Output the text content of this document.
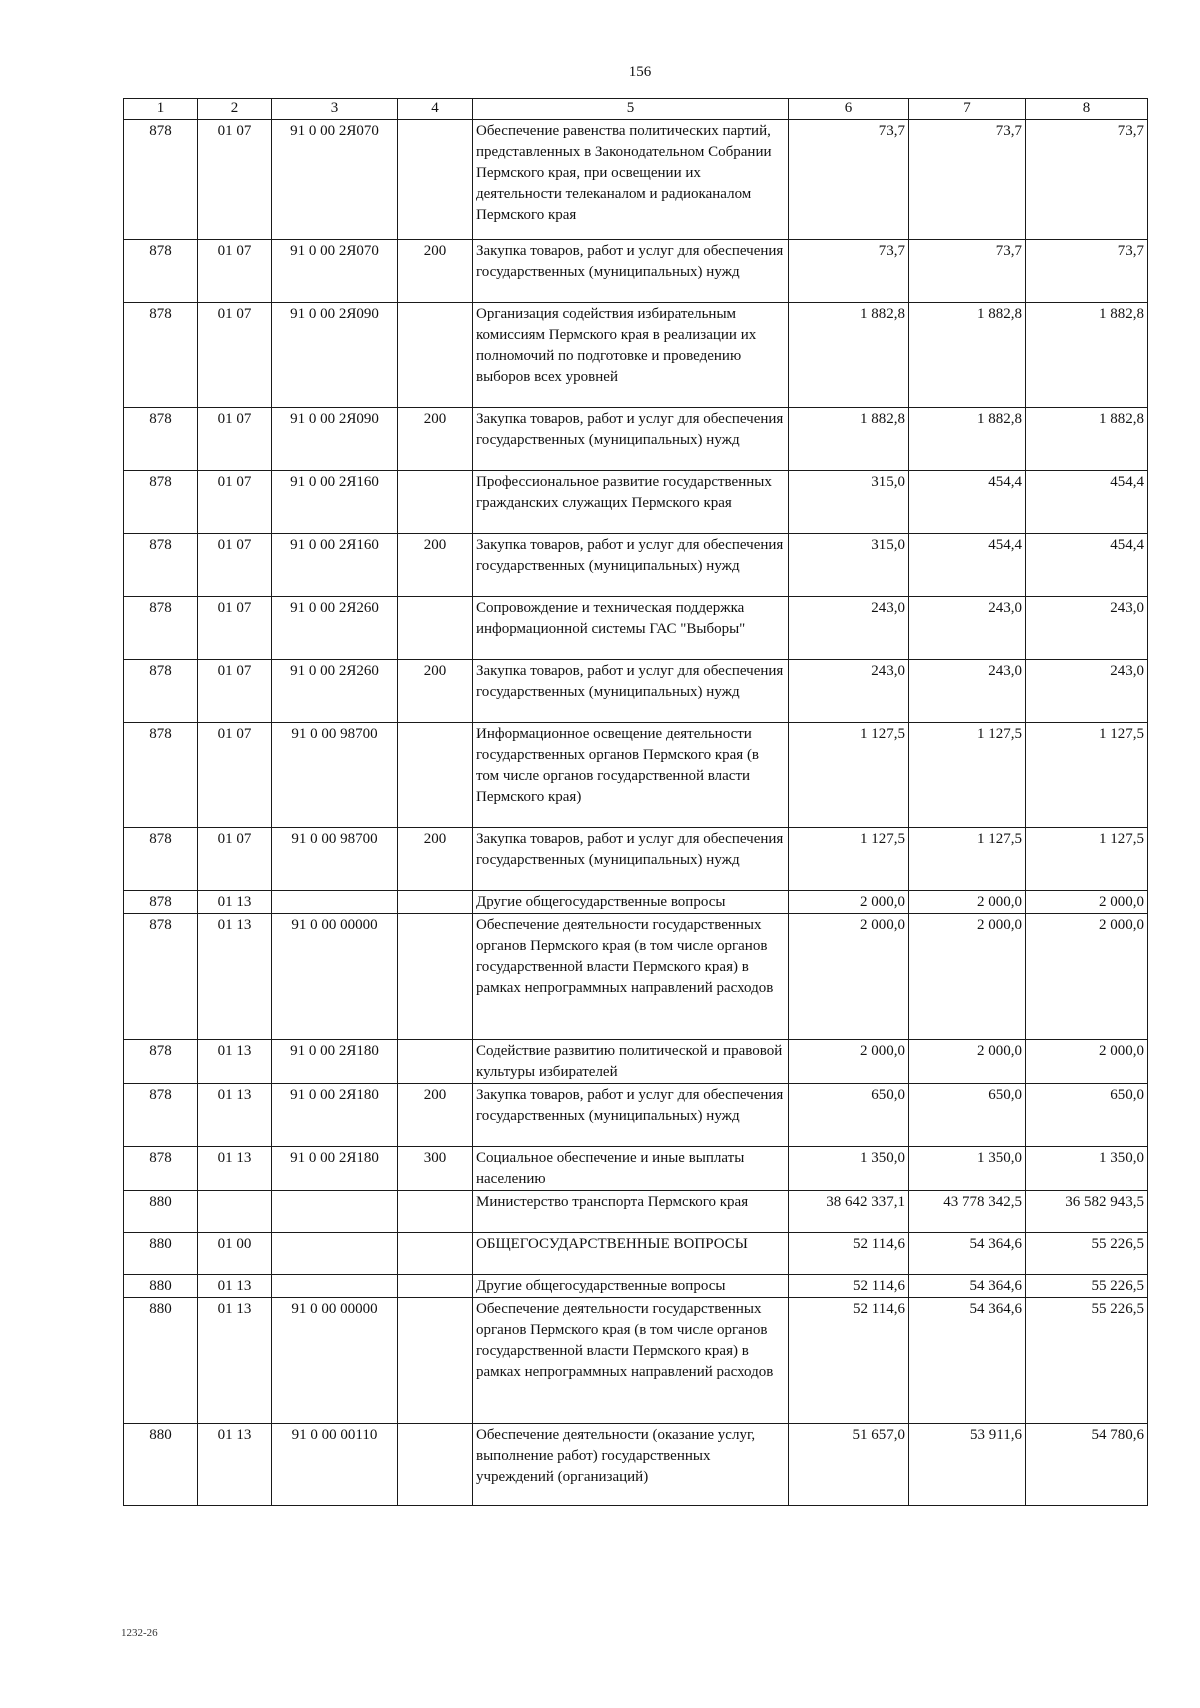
156
1	2	3	4	5	6	7	8
878	01 07	91 0 00 2Я070		Обеспечение равенства политических партий, представленных в Законодательном Собрании Пермского края, при освещении их деятельности телеканалом и радиоканалом Пермского края	73,7	73,7	73,7
878	01 07	91 0 00 2Я070	200	Закупка товаров, работ и услуг для обеспечения государственных (муниципальных) нужд	73,7	73,7	73,7
878	01 07	91 0 00 2Я090		Организация содействия избирательным комиссиям Пермского края в реализации их полномочий по подготовке и проведению выборов всех уровней	1 882,8	1 882,8	1 882,8
878	01 07	91 0 00 2Я090	200	Закупка товаров, работ и услуг для обеспечения государственных (муниципальных) нужд	1 882,8	1 882,8	1 882,8
878	01 07	91 0 00 2Я160		Профессиональное развитие государственных гражданских служащих Пермского края	315,0	454,4	454,4
878	01 07	91 0 00 2Я160	200	Закупка товаров, работ и услуг для обеспечения государственных (муниципальных) нужд	315,0	454,4	454,4
878	01 07	91 0 00 2Я260		Сопровождение и техническая поддержка информационной системы ГАС "Выборы"	243,0	243,0	243,0
878	01 07	91 0 00 2Я260	200	Закупка товаров, работ и услуг для обеспечения государственных (муниципальных) нужд	243,0	243,0	243,0
878	01 07	91 0 00 98700		Информационное освещение деятельности государственных органов Пермского края (в том числе органов государственной власти Пермского края)	1 127,5	1 127,5	1 127,5
878	01 07	91 0 00 98700	200	Закупка товаров, работ и услуг для обеспечения государственных (муниципальных) нужд	1 127,5	1 127,5	1 127,5
878	01 13			Другие общегосударственные вопросы	2 000,0	2 000,0	2 000,0
878	01 13	91 0 00 00000		Обеспечение деятельности государственных органов Пермского края (в том числе органов государственной власти Пермского края) в рамках непрограммных направлений расходов	2 000,0	2 000,0	2 000,0
878	01 13	91 0 00 2Я180		Содействие развитию политической и правовой культуры избирателей	2 000,0	2 000,0	2 000,0
878	01 13	91 0 00 2Я180	200	Закупка товаров, работ и услуг для обеспечения государственных (муниципальных) нужд	650,0	650,0	650,0
878	01 13	91 0 00 2Я180	300	Социальное обеспечение и иные выплаты населению	1 350,0	1 350,0	1 350,0
880				Министерство транспорта Пермского края	38 642 337,1	43 778 342,5	36 582 943,5
880	01 00			ОБЩЕГОСУДАРСТВЕННЫЕ ВОПРОСЫ	52 114,6	54 364,6	55 226,5
880	01 13			Другие общегосударственные вопросы	52 114,6	54 364,6	55 226,5
880	01 13	91 0 00 00000		Обеспечение деятельности государственных органов Пермского края (в том числе органов государственной власти Пермского края) в рамках непрограммных направлений расходов	52 114,6	54 364,6	55 226,5
880	01 13	91 0 00 00110		Обеспечение деятельности (оказание услуг, выполнение работ) государственных учреждений (организаций)	51 657,0	53 911,6	54 780,6
1232-26
